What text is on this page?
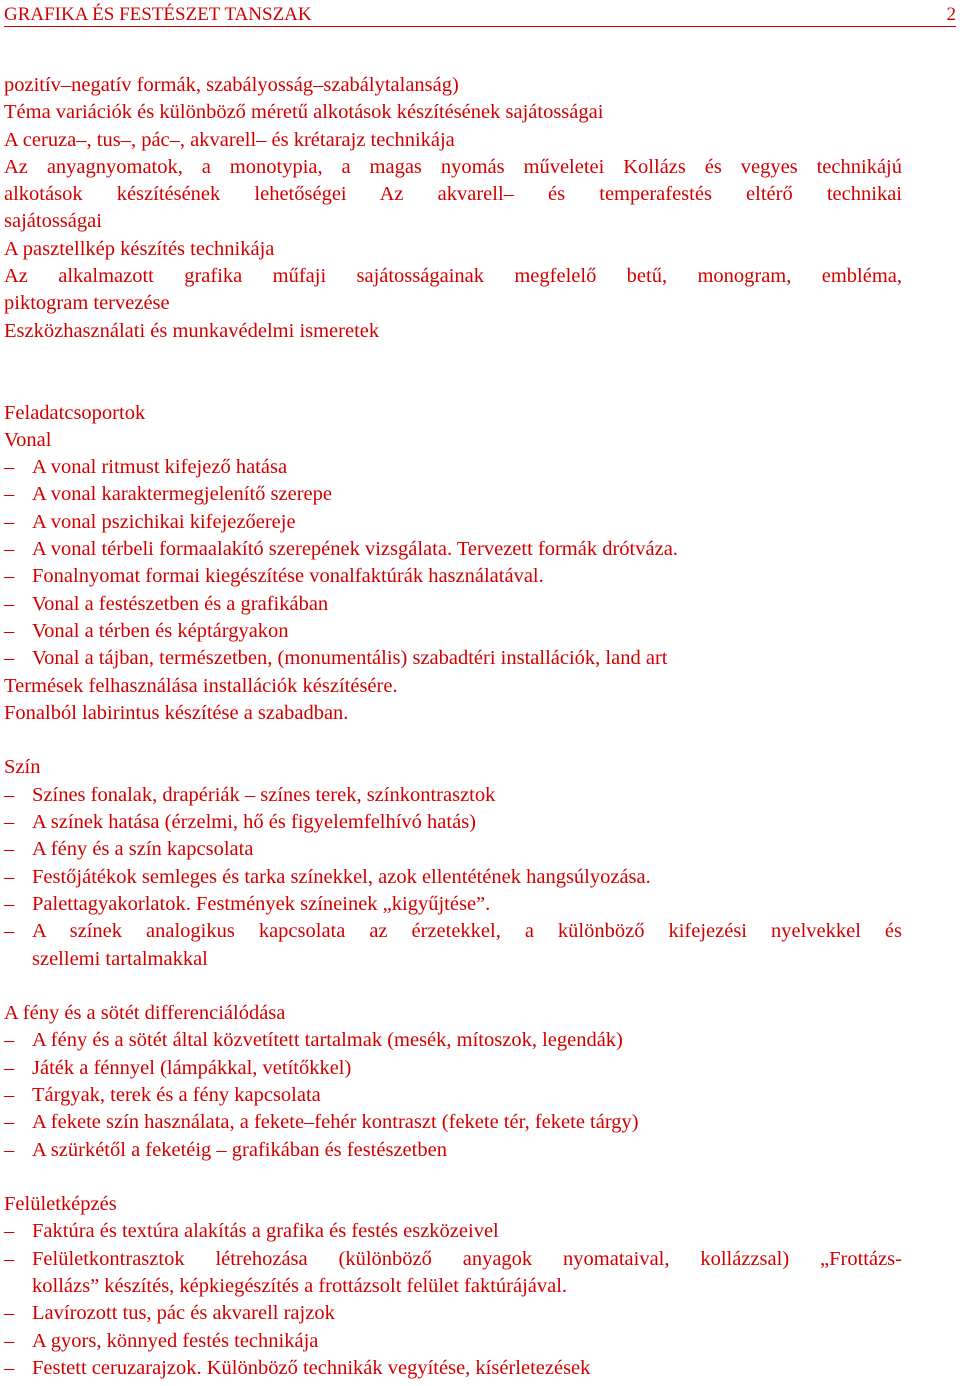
GRAFIKA ÉS FESTÉSZET TANSZAK	2
pozitív–negatív formák, szabályosság–szabálytalanság)
Téma variációk és különböző méretű alkotások készítésének sajátosságai
A ceruza–, tus–, pác–, akvarell– és krétarajz technikája
Az anyagnyomatok, a monotypia, a magas nyomás műveletei Kollázs és vegyes technikájú
alkotások készítésének lehetőségei Az akvarell– és temperafestés eltérő technikai
sajátosságai
A pasztellkép készítés technikája
Az alkalmazott grafika műfaji sajátosságainak megfelelő betű, monogram, embléma,
piktogram tervezése
Eszközhasználati és munkavédelmi ismeretek
Feladatcsoportok
Vonal
– A vonal ritmust kifejező hatása
– A vonal karaktermegjelenítő szerepe
– A vonal pszichikai kifejezőereje
– A vonal térbeli formaalakító szerepének vizsgálata. Tervezett formák drótváza.
– Fonalnyomat formai kiegészítése vonalfaktúrák használatával.
– Vonal a festészetben és a grafikában
– Vonal a térben és képtárgyakon
– Vonal a tájban, természetben, (monumentális) szabadtéri installációk, land art
Termések felhasználása installációk készítésére.
Fonalból labirintus készítése a szabadban.
Szín
– Színes fonalak, drapériák – színes terek, színkontrasztok
– A színek hatása (érzelmi, hő és figyelemfelhívó hatás)
– A fény és a szín kapcsolata
– Festőjátékok semleges és tarka színekkel, azok ellentétének hangsúlyozása.
– Palettagyakorlatok. Festmények színeinek „kigyűjtése”.
– A színek analogikus kapcsolata az érzetekkel, a különböző kifejezési nyelvekkel és
szellemi tartalmakkal
A fény és a sötét differenciálódása
– A fény és a sötét által közvetített tartalmak (mesék, mítoszok, legendák)
– Játék a fénnyel (lámpákkal, vetítőkkel)
– Tárgyak, terek és a fény kapcsolata
– A fekete szín használata, a fekete–fehér kontraszt (fekete tér, fekete tárgy)
– A szürkétől a feketéig – grafikában és festészetben
Felületképzés
– Faktúra és textúra alakítás a grafika és festés eszközeivel
– Felületkontrasztok létrehozása (különböző anyagok nyomataival, kollázzsal) „Frottázs-
kollázs” készítés, képkiegészítés a frottázsolt felület faktúrájával.
– Lavírozott tus, pác és akvarell rajzok
– A gyors, könnyed festés technikája
– Festett ceruzarajzok. Különböző technikák vegyítése, kísérletezések
